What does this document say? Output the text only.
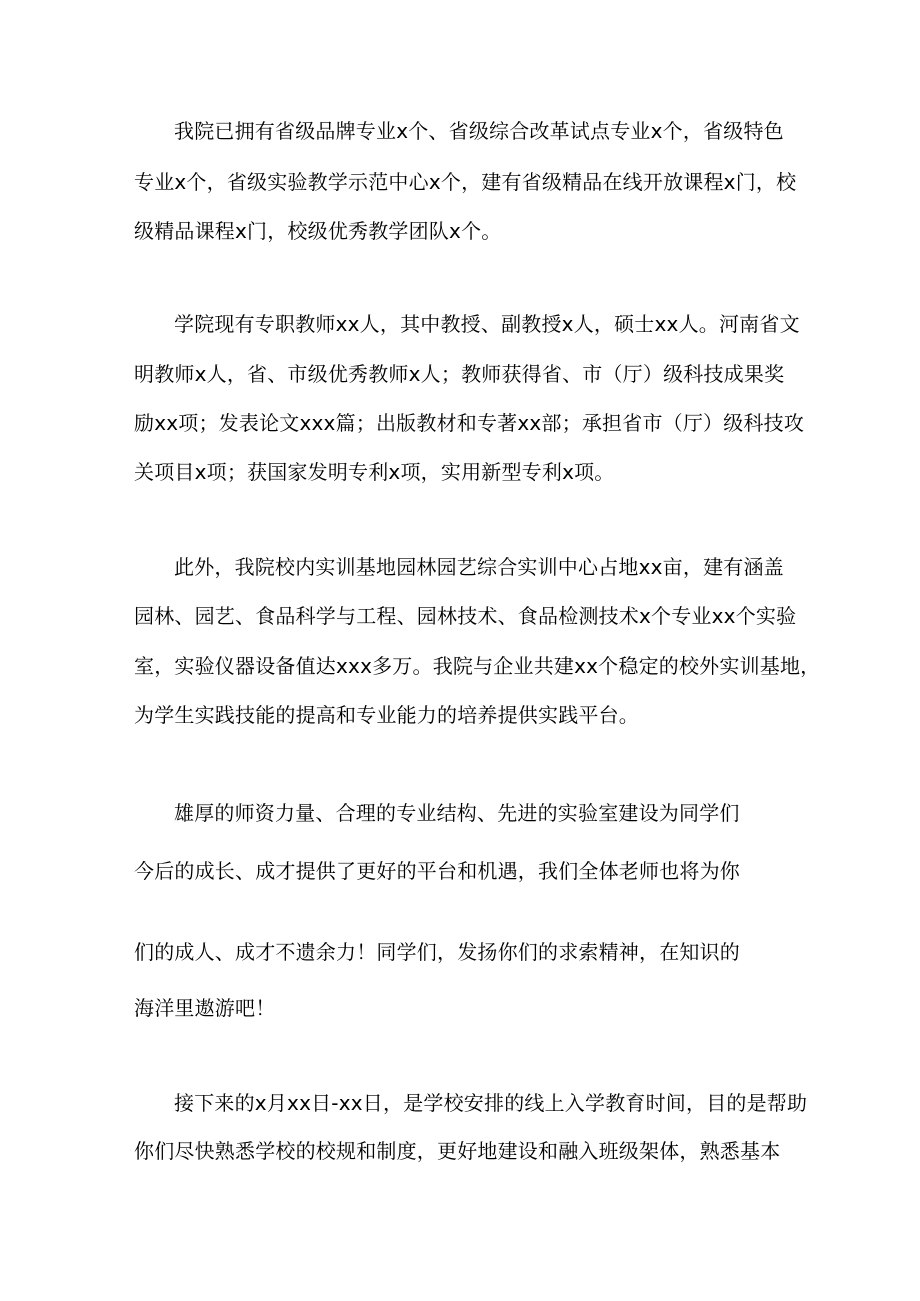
我院已拥有省级品牌专业x个、省级综合改革试点专业x个，省级特色

专业x个，省级实验教学示范中心x个，建有省级精品在线开放课程x门，校

级精品课程x门，校级优秀教学团队x个。

学院现有专职教师xx人，其中教授、副教授x人，硕士xx人。河南省文

明教师x人，省、市级优秀教师x人；教师获得省、市（厅）级科技成果奖

励xx项；发表论文xxx篇；出版教材和专著xx部；承担省市（厅）级科技攻

关项目x项；获国家发明专利x项，实用新型专利x项。

此外，我院校内实训基地园林园艺综合实训中心占地xx亩，建有涵盖

园林、园艺、食品科学与工程、园林技术、食品检测技术x个专业xx个实验

室，实验仪器设备值达xxx多万。我院与企业共建xx个稳定的校外实训基地，

为学生实践技能的提高和专业能力的培养提供实践平台。

雄厚的师资力量、合理的专业结构、先进的实验室建设为同学们

今后的成长、成才提供了更好的平台和机遇，我们全体老师也将为你

们的成人、成才不遗余力！同学们，发扬你们的求索精神，在知识的

海洋里遨游吧！

接下来的x月xx日-xx日，是学校安排的线上入学教育时间，目的是帮助

你们尽快熟悉学校的校规和制度，更好地建设和融入班级架体，熟悉基本
